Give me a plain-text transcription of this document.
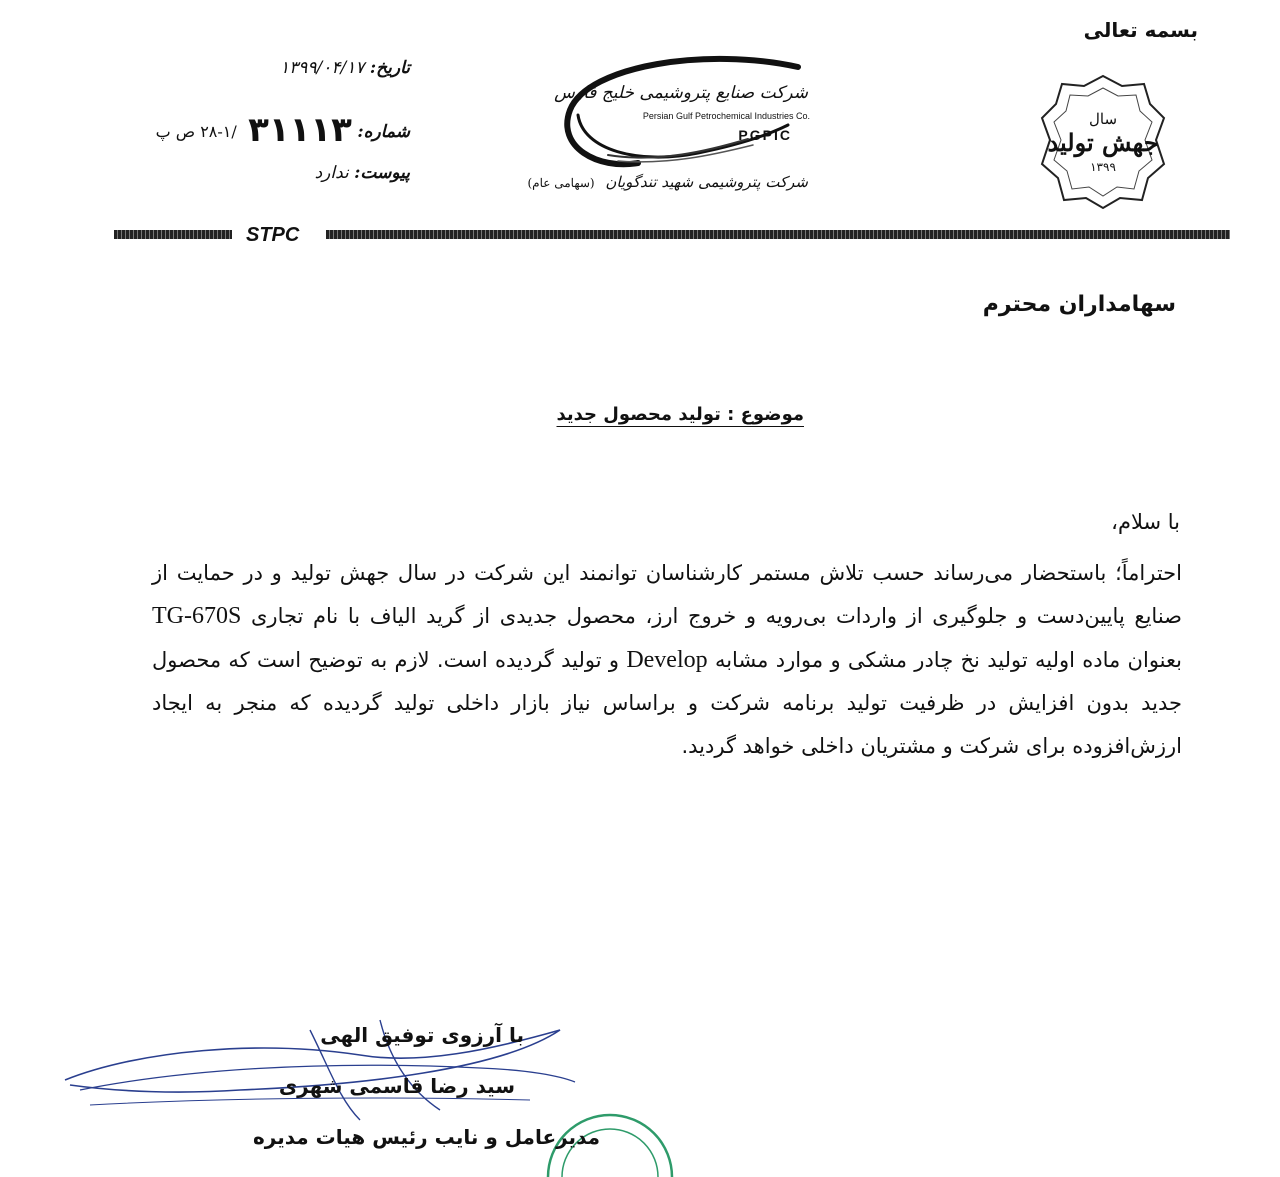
بسمه تعالی
سال
جهش تولید
۱۳۹۹
شرکت صنایع پتروشیمی خلیج فارس
Persian Gulf Petrochemical Industries Co.
PGPIC
شرکت پتروشیمی شهید تندگویان (سهامی عام)
تاریخ: ۱۳۹۹/۰۴/۱۷
شماره: ۳۱۱۱۳ /۱-۲۸ ص پ
پیوست: ندارد
STPC
سهامداران محترم
موضوع : تولید محصول جدید
با سلام،
احتراماً؛ باستحضار می‌رساند حسب تلاش مستمر کارشناسان توانمند این شرکت در سال جهش تولید و در حمایت از صنایع پایین‌دست و جلوگیری از واردات بی‌رویه و خروج ارز، محصول جدیدی از گرید الیاف با نام تجاری TG-670S بعنوان ماده اولیه تولید نخ چادر مشکی و موارد مشابه Develop و تولید گردیده است. لازم به توضیح است که محصول جدید بدون افزایش در ظرفیت تولید برنامه شرکت و براساس نیاز بازار داخلی تولید گردیده که منجر به ایجاد ارزش‌افزوده برای شرکت و مشتریان داخلی خواهد گردید.
با آرزوی توفیق الهی
سید رضا قاسمی شهری
مدیرعامل و نایب رئیس هیات مدیره
